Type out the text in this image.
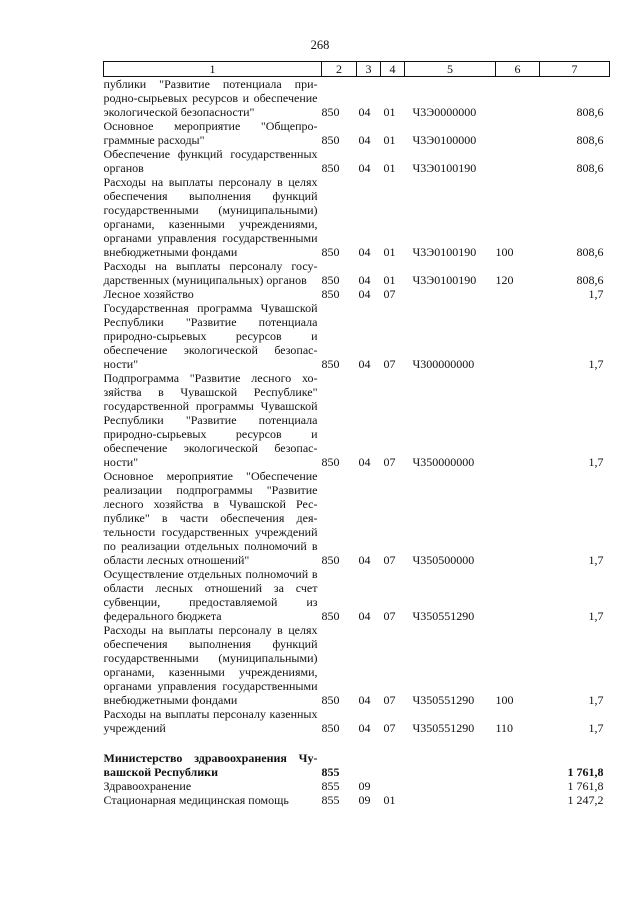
268
1	2	3	4	5	6	7
публики "Развитие потенциала природно-сырьевых ресурсов и обеспечение экологической безопасности"	850	04	01	Ч3Э0000000		808,6
Основное мероприятие "Общепрограммные расходы"	850	04	01	Ч3Э0100000		808,6
Обеспечение функций государственных органов	850	04	01	Ч3Э0100190		808,6
Расходы на выплаты персоналу в целях обеспечения выполнения функций государственными (муниципальными) органами, казенными учреждениями, органами управления государственными внебюджетными фондами	850	04	01	Ч3Э0100190	100	808,6
Расходы на выплаты персоналу государственных (муниципальных) органов	850	04	01	Ч3Э0100190	120	808,6
Лесное хозяйство	850	04	07			1,7
Государственная программа Чувашской Республики "Развитие потенциала природно-сырьевых ресурсов и обеспечение экологической безопасности"	850	04	07	Ч300000000		1,7
Подпрограмма "Развитие лесного хозяйства в Чувашской Республике" государственной программы Чувашской Республики "Развитие потенциала природно-сырьевых ресурсов и обеспечение экологической безопасности"	850	04	07	Ч350000000		1,7
Основное мероприятие "Обеспечение реализации подпрограммы "Развитие лесного хозяйства в Чувашской Республике" в части обеспечения деятельности государственных учреждений по реализации отдельных полномочий в области лесных отношений"	850	04	07	Ч350500000		1,7
Осуществление отдельных полномочий в области лесных отношений за счет субвенции, предоставляемой из федерального бюджета	850	04	07	Ч350551290		1,7
Расходы на выплаты персоналу в целях обеспечения выполнения функций государственными (муниципальными) органами, казенными учреждениями, органами управления государственными внебюджетными фондами	850	04	07	Ч350551290	100	1,7
Расходы на выплаты персоналу казенных учреждений	850	04	07	Ч350551290	110	1,7

Министерство здравоохранения Чувашской Республики	855					1 761,8
Здравоохранение	855	09				1 761,8
Стационарная медицинская помощь	855	09	01			1 247,2
